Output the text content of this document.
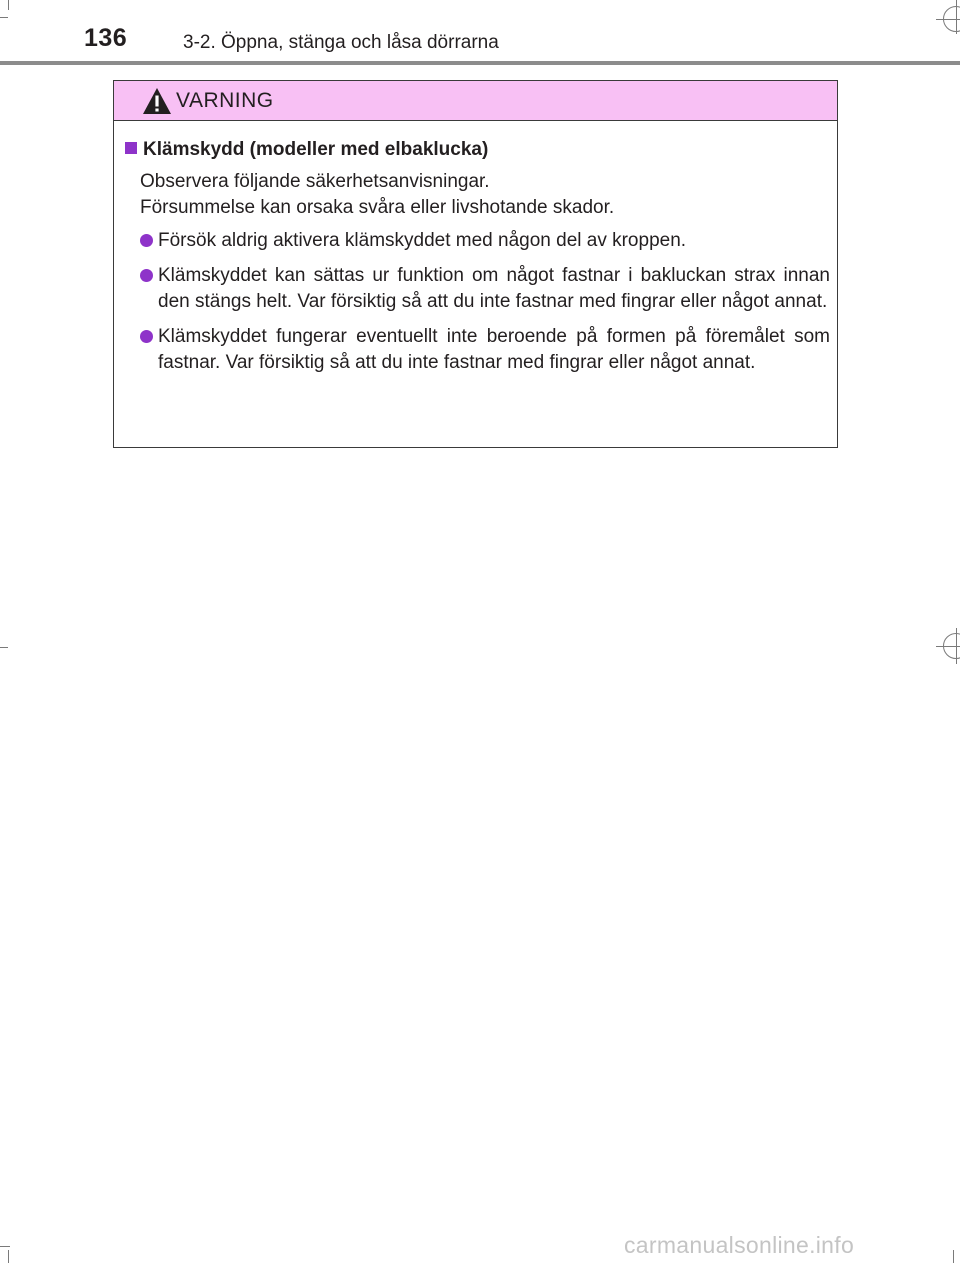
136	3-2. Öppna, stänga och låsa dörrarna
VARNING
Klämskydd (modeller med elbaklucka)
Observera följande säkerhetsanvisningar.
Försummelse kan orsaka svåra eller livshotande skador.
Försök aldrig aktivera klämskyddet med någon del av kroppen.
Klämskyddet kan sättas ur funktion om något fastnar i bakluckan strax innan den stängs helt. Var försiktig så att du inte fastnar med fingrar eller något annat.
Klämskyddet fungerar eventuellt inte beroende på formen på föremålet som fastnar. Var försiktig så att du inte fastnar med fingrar eller något annat.
carmanualsonline.info
